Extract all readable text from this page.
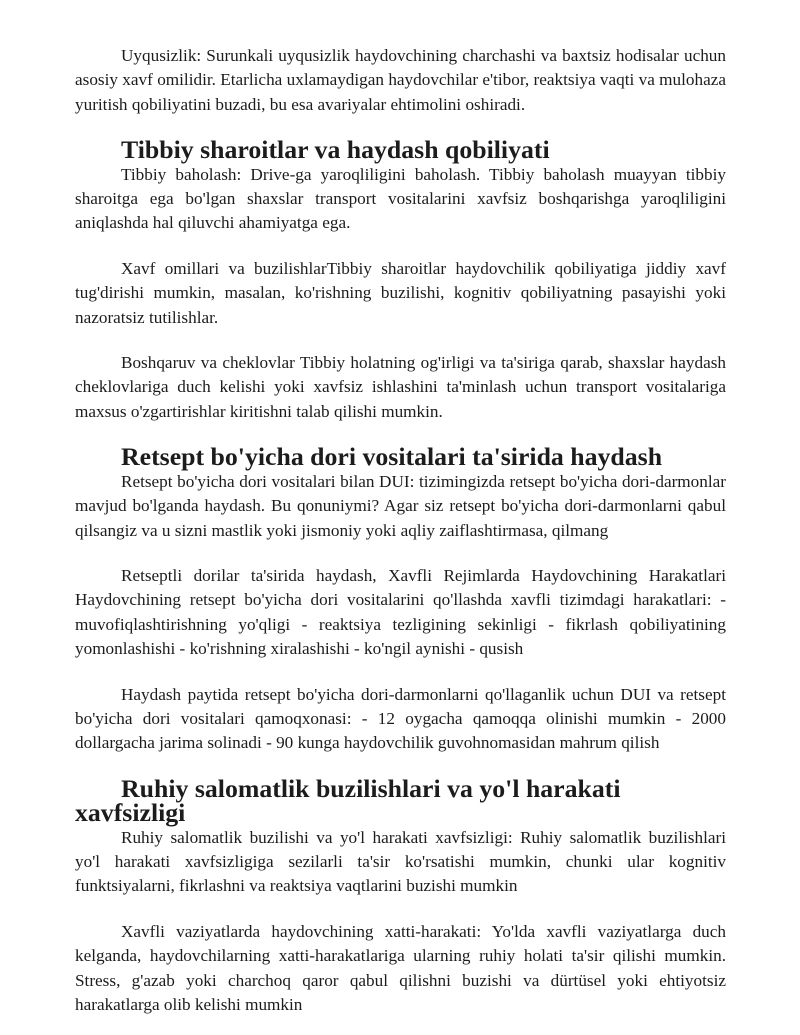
Uyqusizlik: Surunkali uyqusizlik haydovchining charchashi va baxtsiz hodisalar uchun asosiy xavf omilidir. Etarlicha uxlamaydigan haydovchilar e'tibor, reaktsiya vaqti va mulohaza yuritish qobiliyatini buzadi, bu esa avariyalar ehtimolini oshiradi.

Tibbiy sharoitlar va haydash qobiliyati

Tibbiy baholash: Drive-ga yaroqliligini baholash. Tibbiy baholash muayyan tibbiy sharoitga ega bo'lgan shaxslar transport vositalarini xavfsiz boshqarishga yaroqliligini aniqlashda hal qiluvchi ahamiyatga ega.

Xavf omillari va buzilishlarTibbiy sharoitlar haydovchilik qobiliyatiga jiddiy xavf tug'dirishi mumkin, masalan, ko'rishning buzilishi, kognitiv qobiliyatning pasayishi yoki nazoratsiz tutilishlar.

Boshqaruv va cheklovlar Tibbiy holatning og'irligi va ta'siriga qarab, shaxslar haydash cheklovlariga duch kelishi yoki xavfsiz ishlashini ta'minlash uchun transport vositalariga maxsus o'zgartirishlar kiritishni talab qilishi mumkin.

Retsept bo'yicha dori vositalari ta'sirida haydash

Retsept bo'yicha dori vositalari bilan DUI: tizimingizda retsept bo'yicha dori-darmonlar mavjud bo'lganda haydash. Bu qonuniymi? Agar siz retsept bo'yicha dori-darmonlarni qabul qilsangiz va u sizni mastlik yoki jismoniy yoki aqliy zaiflashtirmasa, qilmang

Retseptli dorilar ta'sirida haydash, Xavfli Rejimlarda Haydovchining Harakatlari Haydovchining retsept bo'yicha dori vositalarini qo'llashda xavfli tizimdagi harakatlari: - muvofiqlashtirishning yo'qligi - reaktsiya tezligining sekinligi - fikrlash qobiliyatining yomonlashishi - ko'rishning xiralashishi - ko'ngil aynishi - qusish

Haydash paytida retsept bo'yicha dori-darmonlarni qo'llaganlik uchun DUI va retsept bo'yicha dori vositalari qamoqxonasi: - 12 oygacha qamoqqa olinishi mumkin - 2000 dollargacha jarima solinadi - 90 kunga haydovchilik guvohnomasidan mahrum qilish

Ruhiy salomatlik buzilishlari va yo'l harakati xavfsizligi

Ruhiy salomatlik buzilishi va yo'l harakati xavfsizligi: Ruhiy salomatlik buzilishlari yo'l harakati xavfsizligiga sezilarli ta'sir ko'rsatishi mumkin, chunki ular kognitiv funktsiyalarni, fikrlashni va reaktsiya vaqtlarini buzishi mumkin

Xavfli vaziyatlarda haydovchining xatti-harakati: Yo'lda xavfli vaziyatlarga duch kelganda, haydovchilarning xatti-harakatlariga ularning ruhiy holati ta'sir qilishi mumkin. Stress, g'azab yoki charchoq qaror qabul qilishni buzishi va dürtüsel yoki ehtiyotsiz harakatlarga olib kelishi mumkin
